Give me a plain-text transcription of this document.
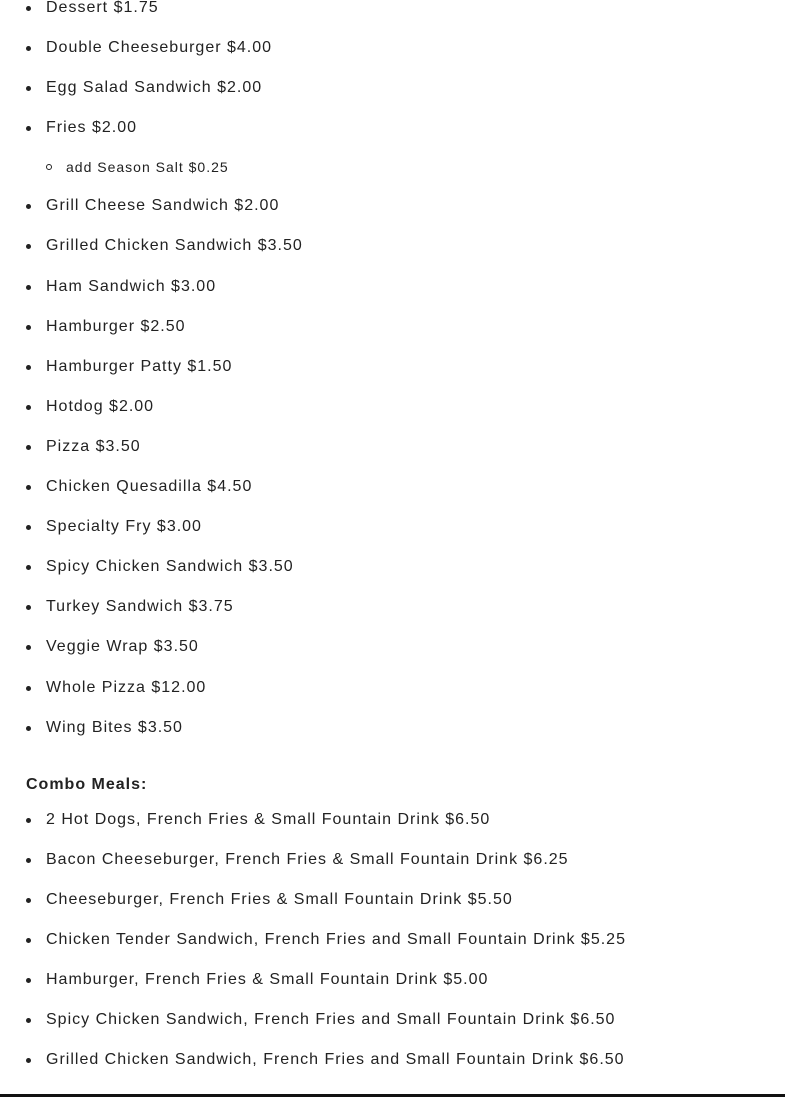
Dessert $1.75
Double Cheeseburger $4.00
Egg Salad Sandwich $2.00
Fries $2.00
add Season Salt $0.25
Grill Cheese Sandwich $2.00
Grilled Chicken Sandwich $3.50
Ham Sandwich $3.00
Hamburger $2.50
Hamburger Patty $1.50
Hotdog $2.00
Pizza $3.50
Chicken Quesadilla $4.50
Specialty Fry $3.00
Spicy Chicken Sandwich $3.50
Turkey Sandwich $3.75
Veggie Wrap $3.50
Whole Pizza $12.00
Wing Bites $3.50
Combo Meals:
2 Hot Dogs, French Fries & Small Fountain Drink $6.50
Bacon Cheeseburger, French Fries & Small Fountain Drink $6.25
Cheeseburger, French Fries & Small Fountain Drink $5.50
Chicken Tender Sandwich, French Fries and Small Fountain Drink $5.25
Hamburger, French Fries & Small Fountain Drink $5.00
Spicy Chicken Sandwich, French Fries and Small Fountain Drink $6.50
Grilled Chicken Sandwich, French Fries and Small Fountain Drink $6.50
